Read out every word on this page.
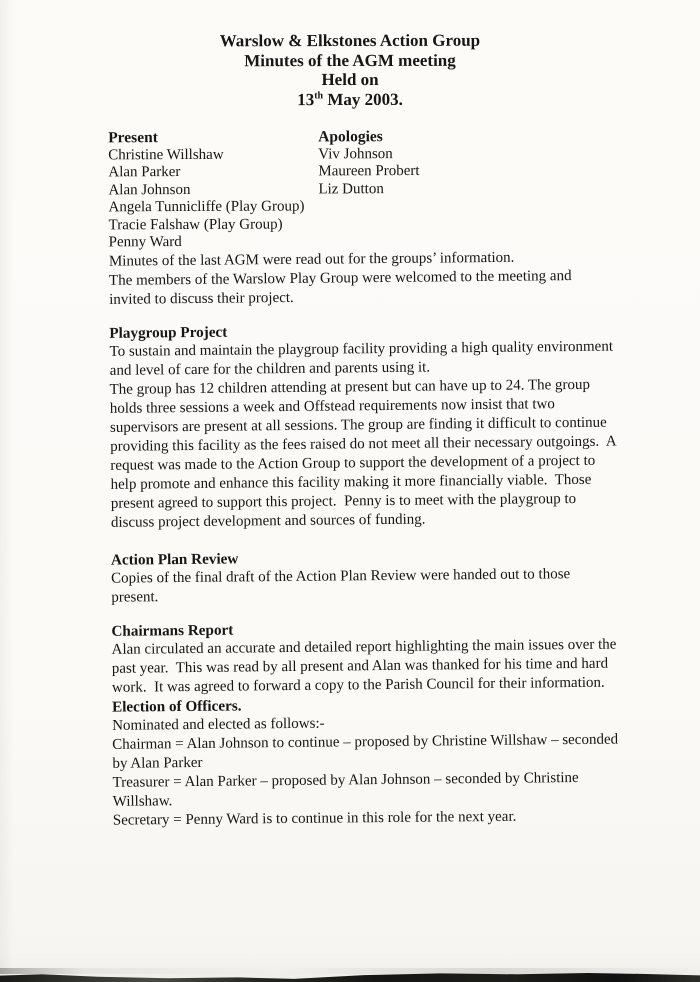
Warslow & Elkstones Action Group
Minutes of the AGM meeting
Held on
13th May 2003.
Present
Christine Willshaw
Alan Parker
Alan Johnson
Angela Tunnicliffe (Play Group)
Tracie Falshaw (Play Group)
Penny Ward
Apologies
Viv Johnson
Maureen Probert
Liz Dutton

Minutes of the last AGM were read out for the groups’ information.

The members of the Warslow Play Group were welcomed to the meeting and invited to discuss their project.

Playgroup Project

To sustain and maintain the playgroup facility providing a high quality environment and level of care for the children and parents using it.

The group has 12 children attending at present but can have up to 24. The group holds three sessions a week and Offstead requirements now insist that two supervisors are present at all sessions. The group are finding it difficult to continue providing this facility as the fees raised do not meet all their necessary outgoings.  A request was made to the Action Group to support the development of a project to help promote and enhance this facility making it more financially viable.  Those present agreed to support this project.  Penny is to meet with the playgroup to discuss project development and sources of funding.

Action Plan Review

Copies of the final draft of the Action Plan Review were handed out to those present.

Chairmans Report

Alan circulated an accurate and detailed report highlighting the main issues over the past year.  This was read by all present and Alan was thanked for his time and hard work.  It was agreed to forward a copy to the Parish Council for their information.

Election of Officers.

Nominated and elected as follows:-

Chairman = Alan Johnson to continue – proposed by Christine Willshaw – seconded by Alan Parker

Treasurer = Alan Parker – proposed by Alan Johnson – seconded by Christine Willshaw.

Secretary = Penny Ward is to continue in this role for the next year.
